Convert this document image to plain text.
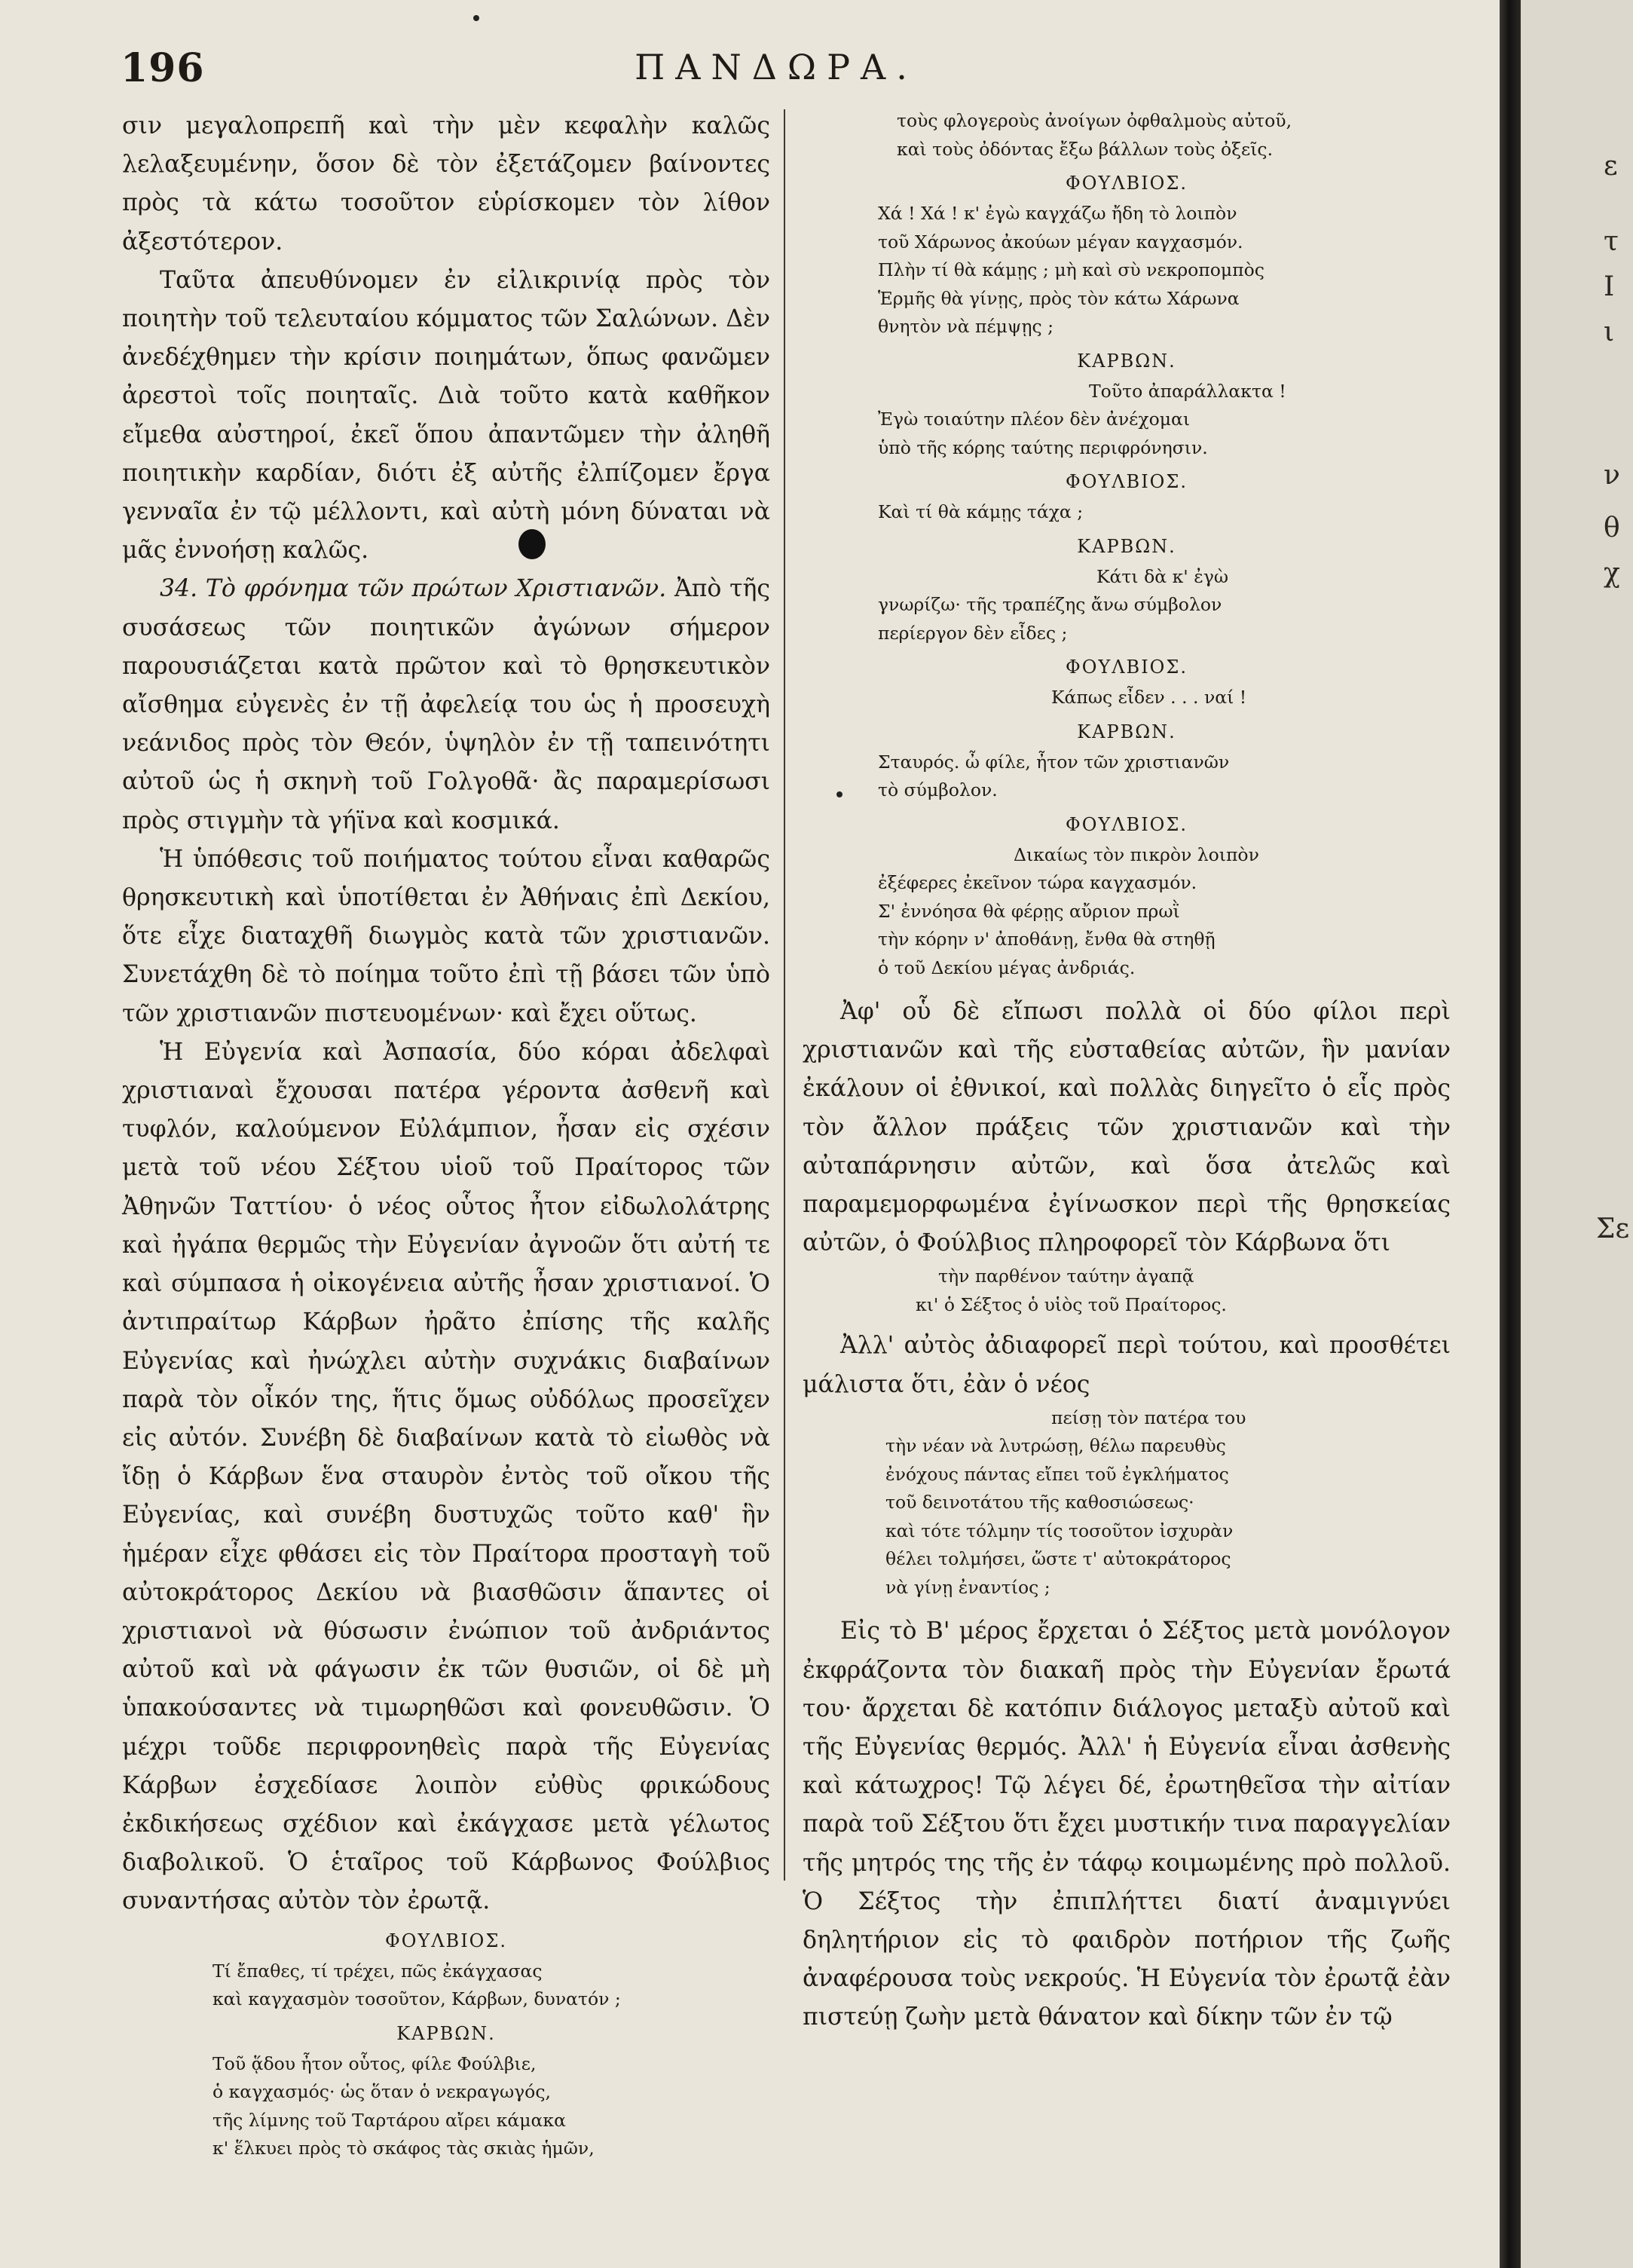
196	ΠΑΝΔΩΡΑ.

σιν μεγαλοπρεπῆ καὶ τὴν μὲν κεφαλὴν καλῶς λελαξευμένην, ὅσον δὲ τὸν ἐξετάζομεν βαίνοντες πρὸς τὰ κάτω τοσοῦτον εὑρίσκομεν τὸν λίθον ἀξεστότερον.

Ταῦτα ἀπευθύνομεν ἐν εἰλικρινίᾳ πρὸς τὸν ποιητὴν τοῦ τελευταίου κόμματος τῶν Σαλώνων. Δὲν ἀνεδέχθημεν τὴν κρίσιν ποιημάτων, ὅπως φανῶμεν ἀρεστοὶ τοῖς ποιηταῖς. Διὰ τοῦτο κατὰ καθῆκον εἴμεθα αὐστηροί, ἐκεῖ ὅπου ἀπαντῶμεν τὴν ἀληθῆ ποιητικὴν καρδίαν, διότι ἐξ αὐτῆς ἐλπίζομεν ἔργα γενναῖα ἐν τῷ μέλλοντι, καὶ αὐτὴ μόνη δύναται νὰ μᾶς ἐννοήσῃ καλῶς.

34. Τὸ φρόνημα τῶν πρώτων Χριστιανῶν. Ἀπὸ τῆς συσάσεως τῶν ποιητικῶν ἀγώνων σήμερον παρουσιάζεται κατὰ πρῶτον καὶ τὸ θρησκευτικὸν αἴσθημα εὐγενὲς ἐν τῇ ἀφελείᾳ του ὡς ἡ προσευχὴ νεάνιδος πρὸς τὸν Θεόν, ὑψηλὸν ἐν τῇ ταπεινότητι αὐτοῦ ὡς ἡ σκηνὴ τοῦ Γολγοθᾶ· ἂς παραμερίσωσι πρὸς στιγμὴν τὰ γήϊνα καὶ κοσμικά.

Ἡ ὑπόθεσις τοῦ ποιήματος τούτου εἶναι καθαρῶς θρησκευτικὴ καὶ ὑποτίθεται ἐν Ἀθήναις ἐπὶ Δεκίου, ὅτε εἶχε διαταχθῆ διωγμὸς κατὰ τῶν χριστιανῶν. Συνετάχθη δὲ τὸ ποίημα τοῦτο ἐπὶ τῇ βάσει τῶν ὑπὸ τῶν χριστιανῶν πιστευομένων· καὶ ἔχει οὕτως.

Ἡ Εὐγενία καὶ Ἀσπασία, δύο κόραι ἀδελφαὶ χριστιαναὶ ἔχουσαι πατέρα γέροντα ἀσθενῆ καὶ τυφλόν, καλούμενον Εὐλάμπιον, ἦσαν εἰς σχέσιν μετὰ τοῦ νέου Σέξτου υἱοῦ τοῦ Πραίτορος τῶν Ἀθηνῶν Ταττίου· ὁ νέος οὗτος ἦτον εἰδωλολάτρης καὶ ἠγάπα θερμῶς τὴν Εὐγενίαν ἀγνοῶν ὅτι αὐτή τε καὶ σύμπασα ἡ οἰκογένεια αὐτῆς ἦσαν χριστιανοί. Ὁ ἀντιπραίτωρ Κάρβων ἠρᾶτο ἐπίσης τῆς καλῆς Εὐγενίας καὶ ἠνώχλει αὐτὴν συχνάκις διαβαίνων παρὰ τὸν οἶκόν της, ἥτις ὅμως οὐδόλως προσεῖχεν εἰς αὐτόν. Συνέβη δὲ διαβαίνων κατὰ τὸ εἰωθὸς νὰ ἴδῃ ὁ Κάρβων ἕνα σταυρὸν ἐντὸς τοῦ οἴκου τῆς Εὐγενίας, καὶ συνέβη δυστυχῶς τοῦτο καθ' ἣν ἡμέραν εἶχε φθάσει εἰς τὸν Πραίτορα προσταγὴ τοῦ αὐτοκράτορος Δεκίου νὰ βιασθῶσιν ἅπαντες οἱ χριστιανοὶ νὰ θύσωσιν ἐνώπιον τοῦ ἀνδριάντος αὐτοῦ καὶ νὰ φάγωσιν ἐκ τῶν θυσιῶν, οἱ δὲ μὴ ὑπακούσαντες νὰ τιμωρηθῶσι καὶ φονευθῶσιν. Ὁ μέχρι τοῦδε περιφρονηθεὶς παρὰ τῆς Εὐγενίας Κάρβων ἐσχεδίασε λοιπὸν εὐθὺς φρικώδους ἐκδικήσεως σχέδιον καὶ ἐκάγχασε μετὰ γέλωτος διαβολικοῦ. Ὁ ἑταῖρος τοῦ Κάρβωνος Φούλβιος συναντήσας αὐτὸν τὸν ἐρωτᾷ.

ΦΟΥΛΒΙΟΣ.

Τί ἔπαθες, τί τρέχει, πῶς ἐκάγχασας

καὶ καγχασμὸν τοσοῦτον, Κάρβων, δυνατόν ;

ΚΑΡΒΩΝ.

Τοῦ ᾅδου ἦτον οὗτος, φίλε Φούλβιε,

ὁ καγχασμός· ὡς ὅταν ὁ νεκραγωγός,

τῆς λίμνης τοῦ Ταρτάρου αἴρει κάμακα

κ' ἕλκυει πρὸς τὸ σκάφος τὰς σκιὰς ἡμῶν,

τοὺς φλογεροὺς ἀνοίγων ὀφθαλμοὺς αὐτοῦ,

καὶ τοὺς ὀδόντας ἔξω βάλλων τοὺς ὀξεῖς.

ΦΟΥΛΒΙΟΣ.

Χά ! Χά ! κ' ἐγὼ καγχάζω ἤδη τὸ λοιπὸν

τοῦ Χάρωνος ἀκούων μέγαν καγχασμόν.

Πλὴν τί θὰ κάμῃς ; μὴ καὶ σὺ νεκροπομπὸς

Ἑρμῆς θὰ γίνῃς, πρὸς τὸν κάτω Χάρωνα

θνητὸν νὰ πέμψῃς ;

ΚΑΡΒΩΝ.

Τοῦτο ἀπαράλλακτα !

Ἐγὼ τοιαύτην πλέον δὲν ἀνέχομαι

ὑπὸ τῆς κόρης ταύτης περιφρόνησιν.

ΦΟΥΛΒΙΟΣ.

Καὶ τί θὰ κάμῃς τάχα ;

ΚΑΡΒΩΝ.

Κάτι δὰ κ' ἐγὼ

γνωρίζω· τῆς τραπέζης ἄνω σύμβολον

περίεργον δὲν εἶδες ;

ΦΟΥΛΒΙΟΣ.

Κάπως εἶδεν . . . ναί !

ΚΑΡΒΩΝ.

Σταυρός. ὦ φίλε, ἦτον τῶν χριστιανῶν

τὸ σύμβολον.

ΦΟΥΛΒΙΟΣ.

Δικαίως τὸν πικρὸν λοιπὸν

ἐξέφερες ἐκεῖνον τώρα καγχασμόν.

Σ' ἐννόησα θὰ φέρῃς αὔριον πρωῒ

τὴν κόρην ν' ἀποθάνῃ, ἔνθα θὰ στηθῇ

ὁ τοῦ Δεκίου μέγας ἀνδριάς.

Ἀφ' οὗ δὲ εἴπωσι πολλὰ οἱ δύο φίλοι περὶ χριστιανῶν καὶ τῆς εὐσταθείας αὐτῶν, ἣν μανίαν ἐκάλουν οἱ ἐθνικοί, καὶ πολλὰς διηγεῖτο ὁ εἷς πρὸς τὸν ἄλλον πράξεις τῶν χριστιανῶν καὶ τὴν αὐταπάρνησιν αὐτῶν, καὶ ὅσα ἀτελῶς καὶ παραμεμορφωμένα ἐγίνωσκον περὶ τῆς θρησκείας αὐτῶν, ὁ Φούλβιος πληροφορεῖ τὸν Κάρβωνα ὅτι

τὴν παρθένον ταύτην ἀγαπᾷ

κι' ὁ Σέξτος ὁ υἱὸς τοῦ Πραίτορος.

Ἀλλ' αὐτὸς ἀδιαφορεῖ περὶ τούτου, καὶ προσθέτει μάλιστα ὅτι, ἐὰν ὁ νέος

πείσῃ τὸν πατέρα του

τὴν νέαν νὰ λυτρώσῃ, θέλω παρευθὺς

ἐνόχους πάντας εἴπει τοῦ ἐγκλήματος

τοῦ δεινοτάτου τῆς καθοσιώσεως·

καὶ τότε τόλμην τίς τοσοῦτον ἰσχυρὰν

θέλει τολμήσει, ὥστε τ' αὐτοκράτορος

νὰ γίνῃ ἐναντίος ;

Εἰς τὸ Β' μέρος ἔρχεται ὁ Σέξτος μετὰ μονόλογον ἐκφράζοντα τὸν διακαῆ πρὸς τὴν Εὐγενίαν ἔρωτά του· ἄρχεται δὲ κατόπιν διάλογος μεταξὺ αὐτοῦ καὶ τῆς Εὐγενίας θερμός. Ἀλλ' ἡ Εὐγενία εἶναι ἀσθενὴς καὶ κάτωχρος! Τῷ λέγει δέ, ἐρωτηθεῖσα τὴν αἰτίαν παρὰ τοῦ Σέξτου ὅτι ἔχει μυστικήν τινα παραγγελίαν τῆς μητρός της τῆς ἐν τάφῳ κοιμωμένης πρὸ πολλοῦ. Ὁ Σέξτος τὴν ἐπιπλήττει διατί ἀναμιγνύει δηλητήριον εἰς τὸ φαιδρὸν ποτήριον τῆς ζωῆς ἀναφέρουσα τοὺς νεκρούς. Ἡ Εὐγενία τὸν ἐρωτᾷ ἐὰν πιστεύῃ ζωὴν μετὰ θάνατον καὶ δίκην τῶν ἐν τῷ

ε
τ
Ι
ι
ν
θ
χ
Σε
